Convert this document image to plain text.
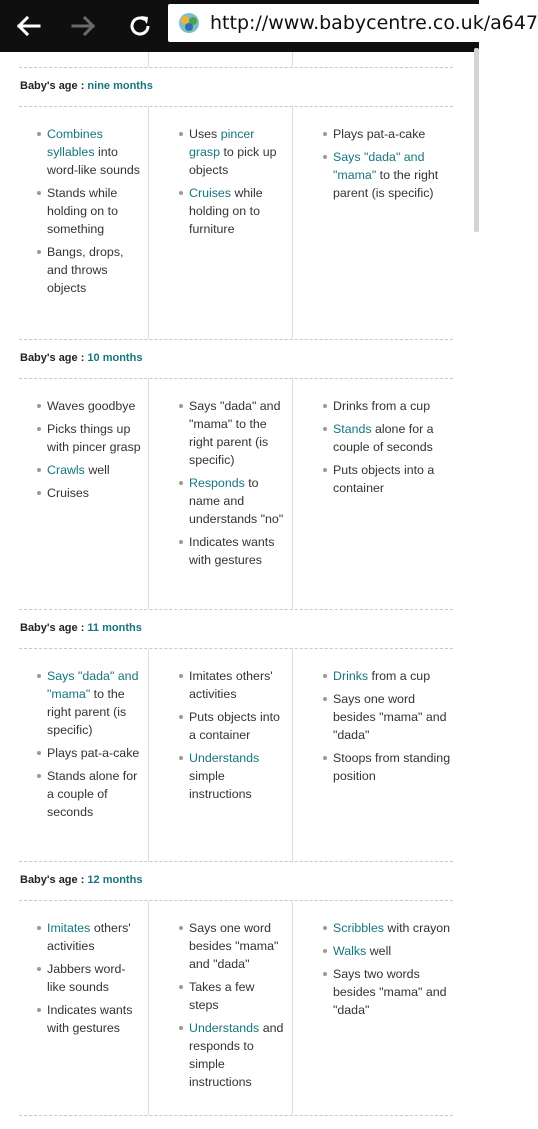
http://www.babycentre.co.uk/a647
Baby's age : nine months
Combines syllables into word-like sounds
Stands while holding on to something
Bangs, drops, and throws objects
Uses pincer grasp to pick up objects
Cruises while holding on to furniture
Plays pat-a-cake
Says "dada" and "mama" to the right parent (is specific)
Baby's age : 10 months
Waves goodbye
Picks things up with pincer grasp
Crawls well
Cruises
Says "dada" and "mama" to the right parent (is specific)
Responds to name and understands "no"
Indicates wants with gestures
Drinks from a cup
Stands alone for a couple of seconds
Puts objects into a container
Baby's age : 11 months
Says "dada" and "mama" to the right parent (is specific)
Plays pat-a-cake
Stands alone for a couple of seconds
Imitates others' activities
Puts objects into a container
Understands simple instructions
Drinks from a cup
Says one word besides "mama" and "dada"
Stoops from standing position
Baby's age : 12 months
Imitates others' activities
Jabbers word-like sounds
Indicates wants with gestures
Says one word besides "mama" and "dada"
Takes a few steps
Understands and responds to simple instructions
Scribbles with crayon
Walks well
Says two words besides "mama" and "dada"
